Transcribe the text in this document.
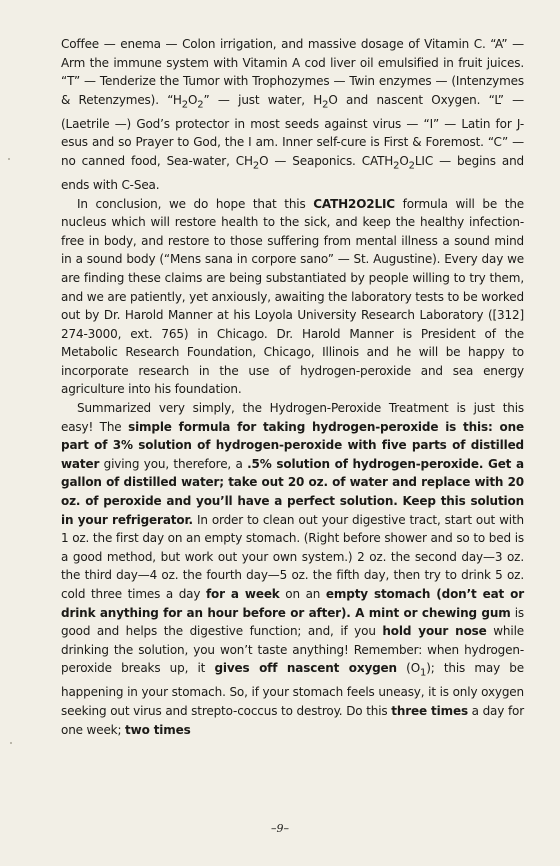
Coffee — enema — Colon irrigation, and massive dosage of Vitamin C. “A” — Arm the immune system with Vitamin A cod liver oil emulsified in fruit juices. “T” — Tenderize the Tumor with Trophozymes — Twin enzymes — (Intenzymes & Retenzymes). “$H_2O_2$” — just water, $H_2O$ and nascent Oxygen. “L” — (Laetrile —) God’s protector in most seeds against virus — “I” — Latin for J-esus and so Prayer to God, the I am. Inner self-cure is First & Foremost. “C” — no canned food, Sea-water, $CH_2O$ — Seaponics. $CATH_2O_2LIC$ — begins and ends with C-Sea.

In conclusion, we do hope that this CATH2O2LIC formula will be the nucleus which will restore health to the sick, and keep the healthy infection-free in body, and restore to those suffering from mental illness a sound mind in a sound body (“Mens sana in corpore sano” — St. Augustine). Every day we are finding these claims are being substantiated by people willing to try them, and we are patiently, yet anxiously, awaiting the laboratory tests to be worked out by Dr. Harold Manner at his Loyola University Research Laboratory ([312] 274-3000, ext. 765) in Chicago. Dr. Harold Manner is President of the Metabolic Research Foundation, Chicago, Illinois and he will be happy to incorporate research in the use of hydrogen-peroxide and sea energy agriculture into his foundation.

Summarized very simply, the Hydrogen-Peroxide Treatment is just this easy! The simple formula for taking hydrogen-peroxide is this: one part of 3% solution of hydrogen-peroxide with five parts of distilled water giving you, therefore, a .5% solution of hydrogen-peroxide. Get a gallon of distilled water; take out 20 oz. of water and replace with 20 oz. of peroxide and you’ll have a perfect solution. Keep this solution in your refrigerator. In order to clean out your digestive tract, start out with 1 oz. the first day on an empty stomach. (Right before shower and so to bed is a good method, but work out your own system.) 2 oz. the second day—3 oz. the third day—4 oz. the fourth day—5 oz. the fifth day, then try to drink 5 oz. cold three times a day for a week on an empty stomach (don’t eat or drink anything for an hour before or after). A mint or chewing gum is good and helps the digestive function; and, if you hold your nose while drinking the solution, you won’t taste anything! Remember: when hydrogen-peroxide breaks up, it gives off nascent oxygen $(O_1)$; this may be happening in your stomach. So, if your stomach feels uneasy, it is only oxygen seeking out virus and strepto-coccus to destroy. Do this three times a day for one week; two times

–9–
